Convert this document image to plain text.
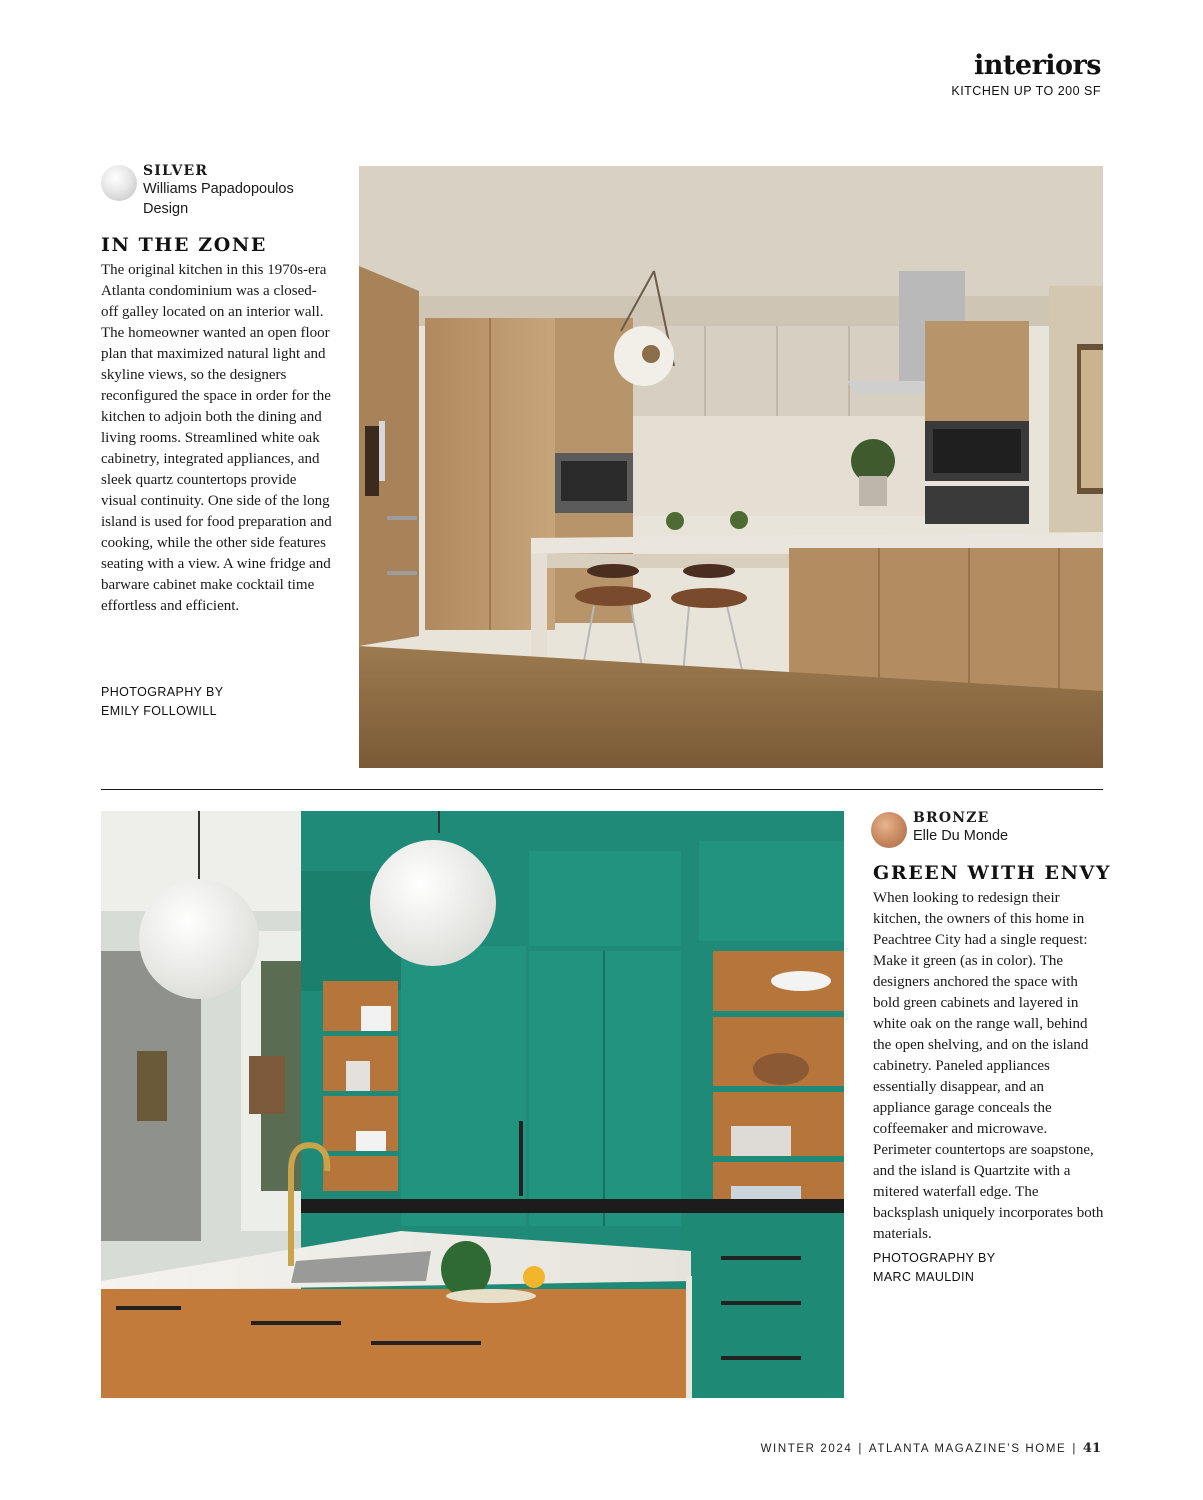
interiors

KITCHEN UP TO 200 SF

SILVER
Williams Papadopoulos
Design
IN THE ZONE

The original kitchen in this 1970s-era Atlanta condominium was a closed-off galley located on an interior wall. The homeowner wanted an open floor plan that maximized natural light and skyline views, so the designers reconfigured the space in order for the kitchen to adjoin both the dining and living rooms. Streamlined white oak cabinetry, integrated appliances, and sleek quartz countertops provide visual continuity. One side of the long island is used for food preparation and cooking, while the other side features seating with a view. A wine fridge and barware cabinet make cocktail time effortless and efficient.

PHOTOGRAPHY BY

EMILY FOLLOWILL

BRONZE
Elle Du Monde
GREEN WITH ENVY

When looking to redesign their kitchen, the owners of this home in Peachtree City had a single request: Make it green (as in color). The designers anchored the space with bold green cabinets and layered in white oak on the range wall, behind the open shelving, and on the island cabinetry. Paneled appliances essentially disappear, and an appliance garage conceals the coffeemaker and microwave. Perimeter countertops are soapstone, and the island is Quartzite with a mitered waterfall edge. The backsplash uniquely incorporates both materials.

PHOTOGRAPHY BY

MARC MAULDIN

WINTER 2024 | ATLANTA MAGAZINE’S HOME | 41
